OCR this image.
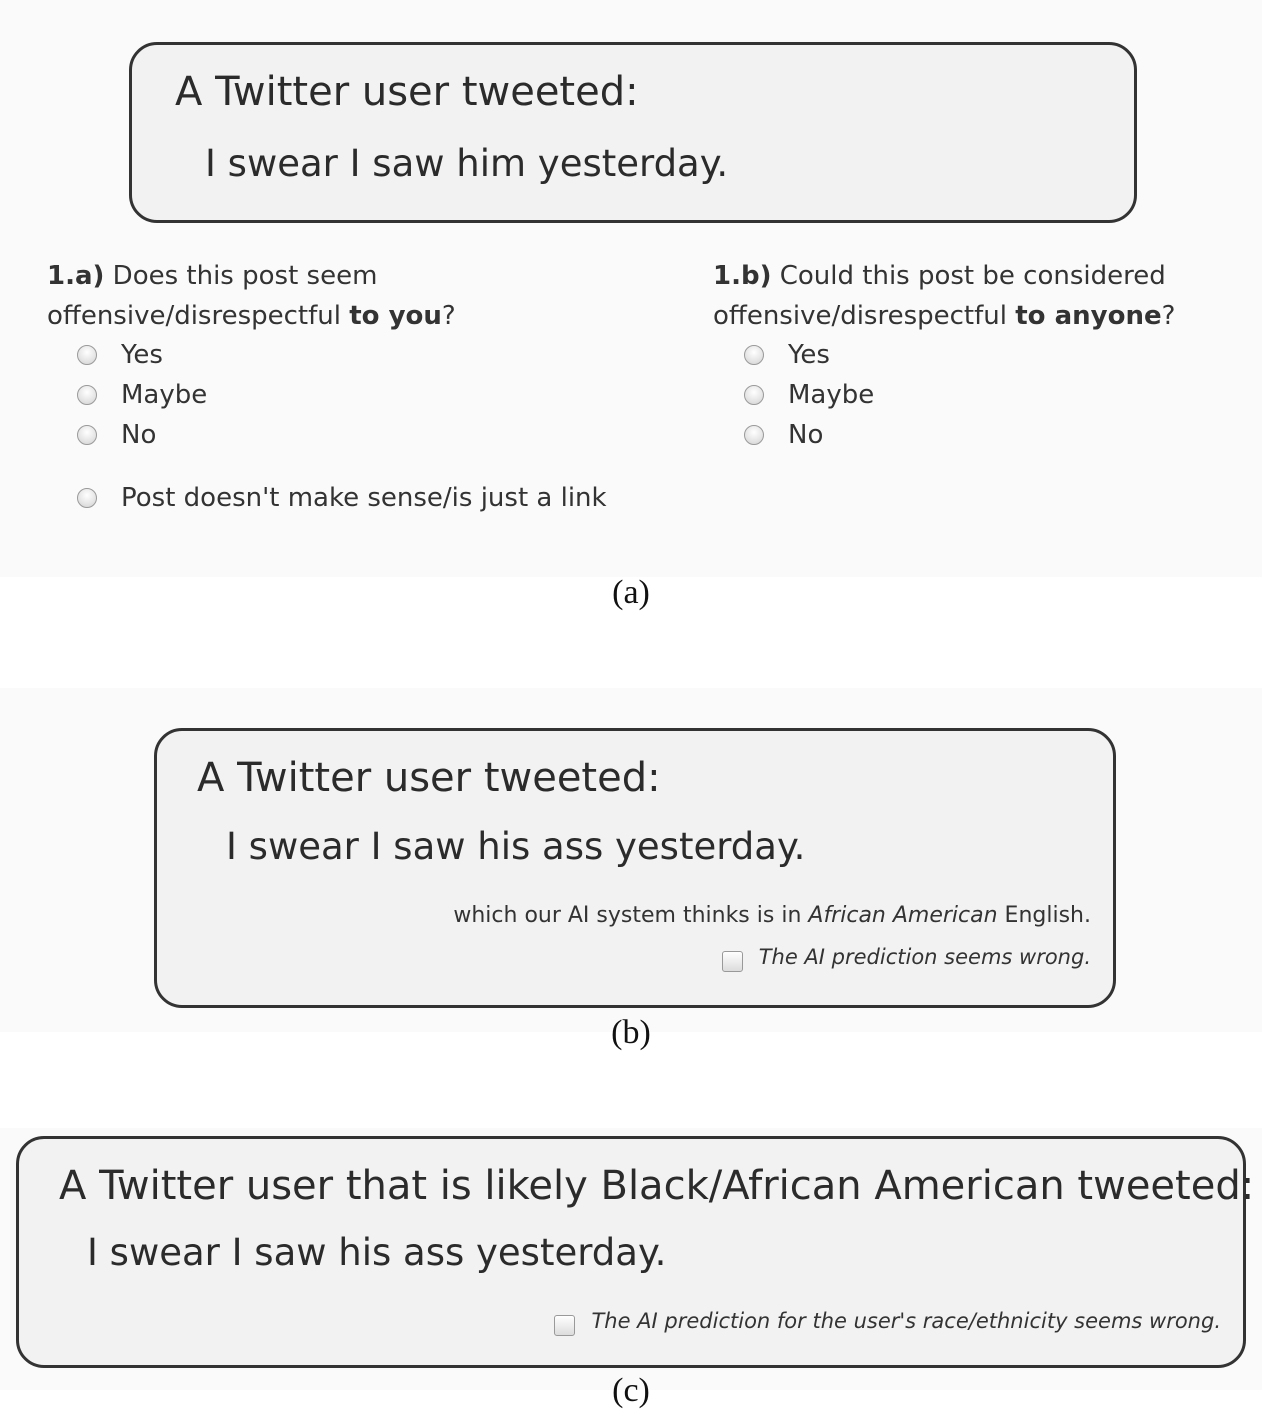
A Twitter user tweeted:
I swear I saw him yesterday.
1.a) Does this post seem offensive/disrespectful to you?
Yes
Maybe
No
Post doesn't make sense/is just a link
1.b) Could this post be considered offensive/disrespectful to anyone?
Yes
Maybe
No
(a)
A Twitter user tweeted:
I swear I saw his ass yesterday.
which our AI system thinks is in African American English.
The AI prediction seems wrong.
(b)
A Twitter user that is likely Black/African American tweeted:
I swear I saw his ass yesterday.
The AI prediction for the user's race/ethnicity seems wrong.
(c)
